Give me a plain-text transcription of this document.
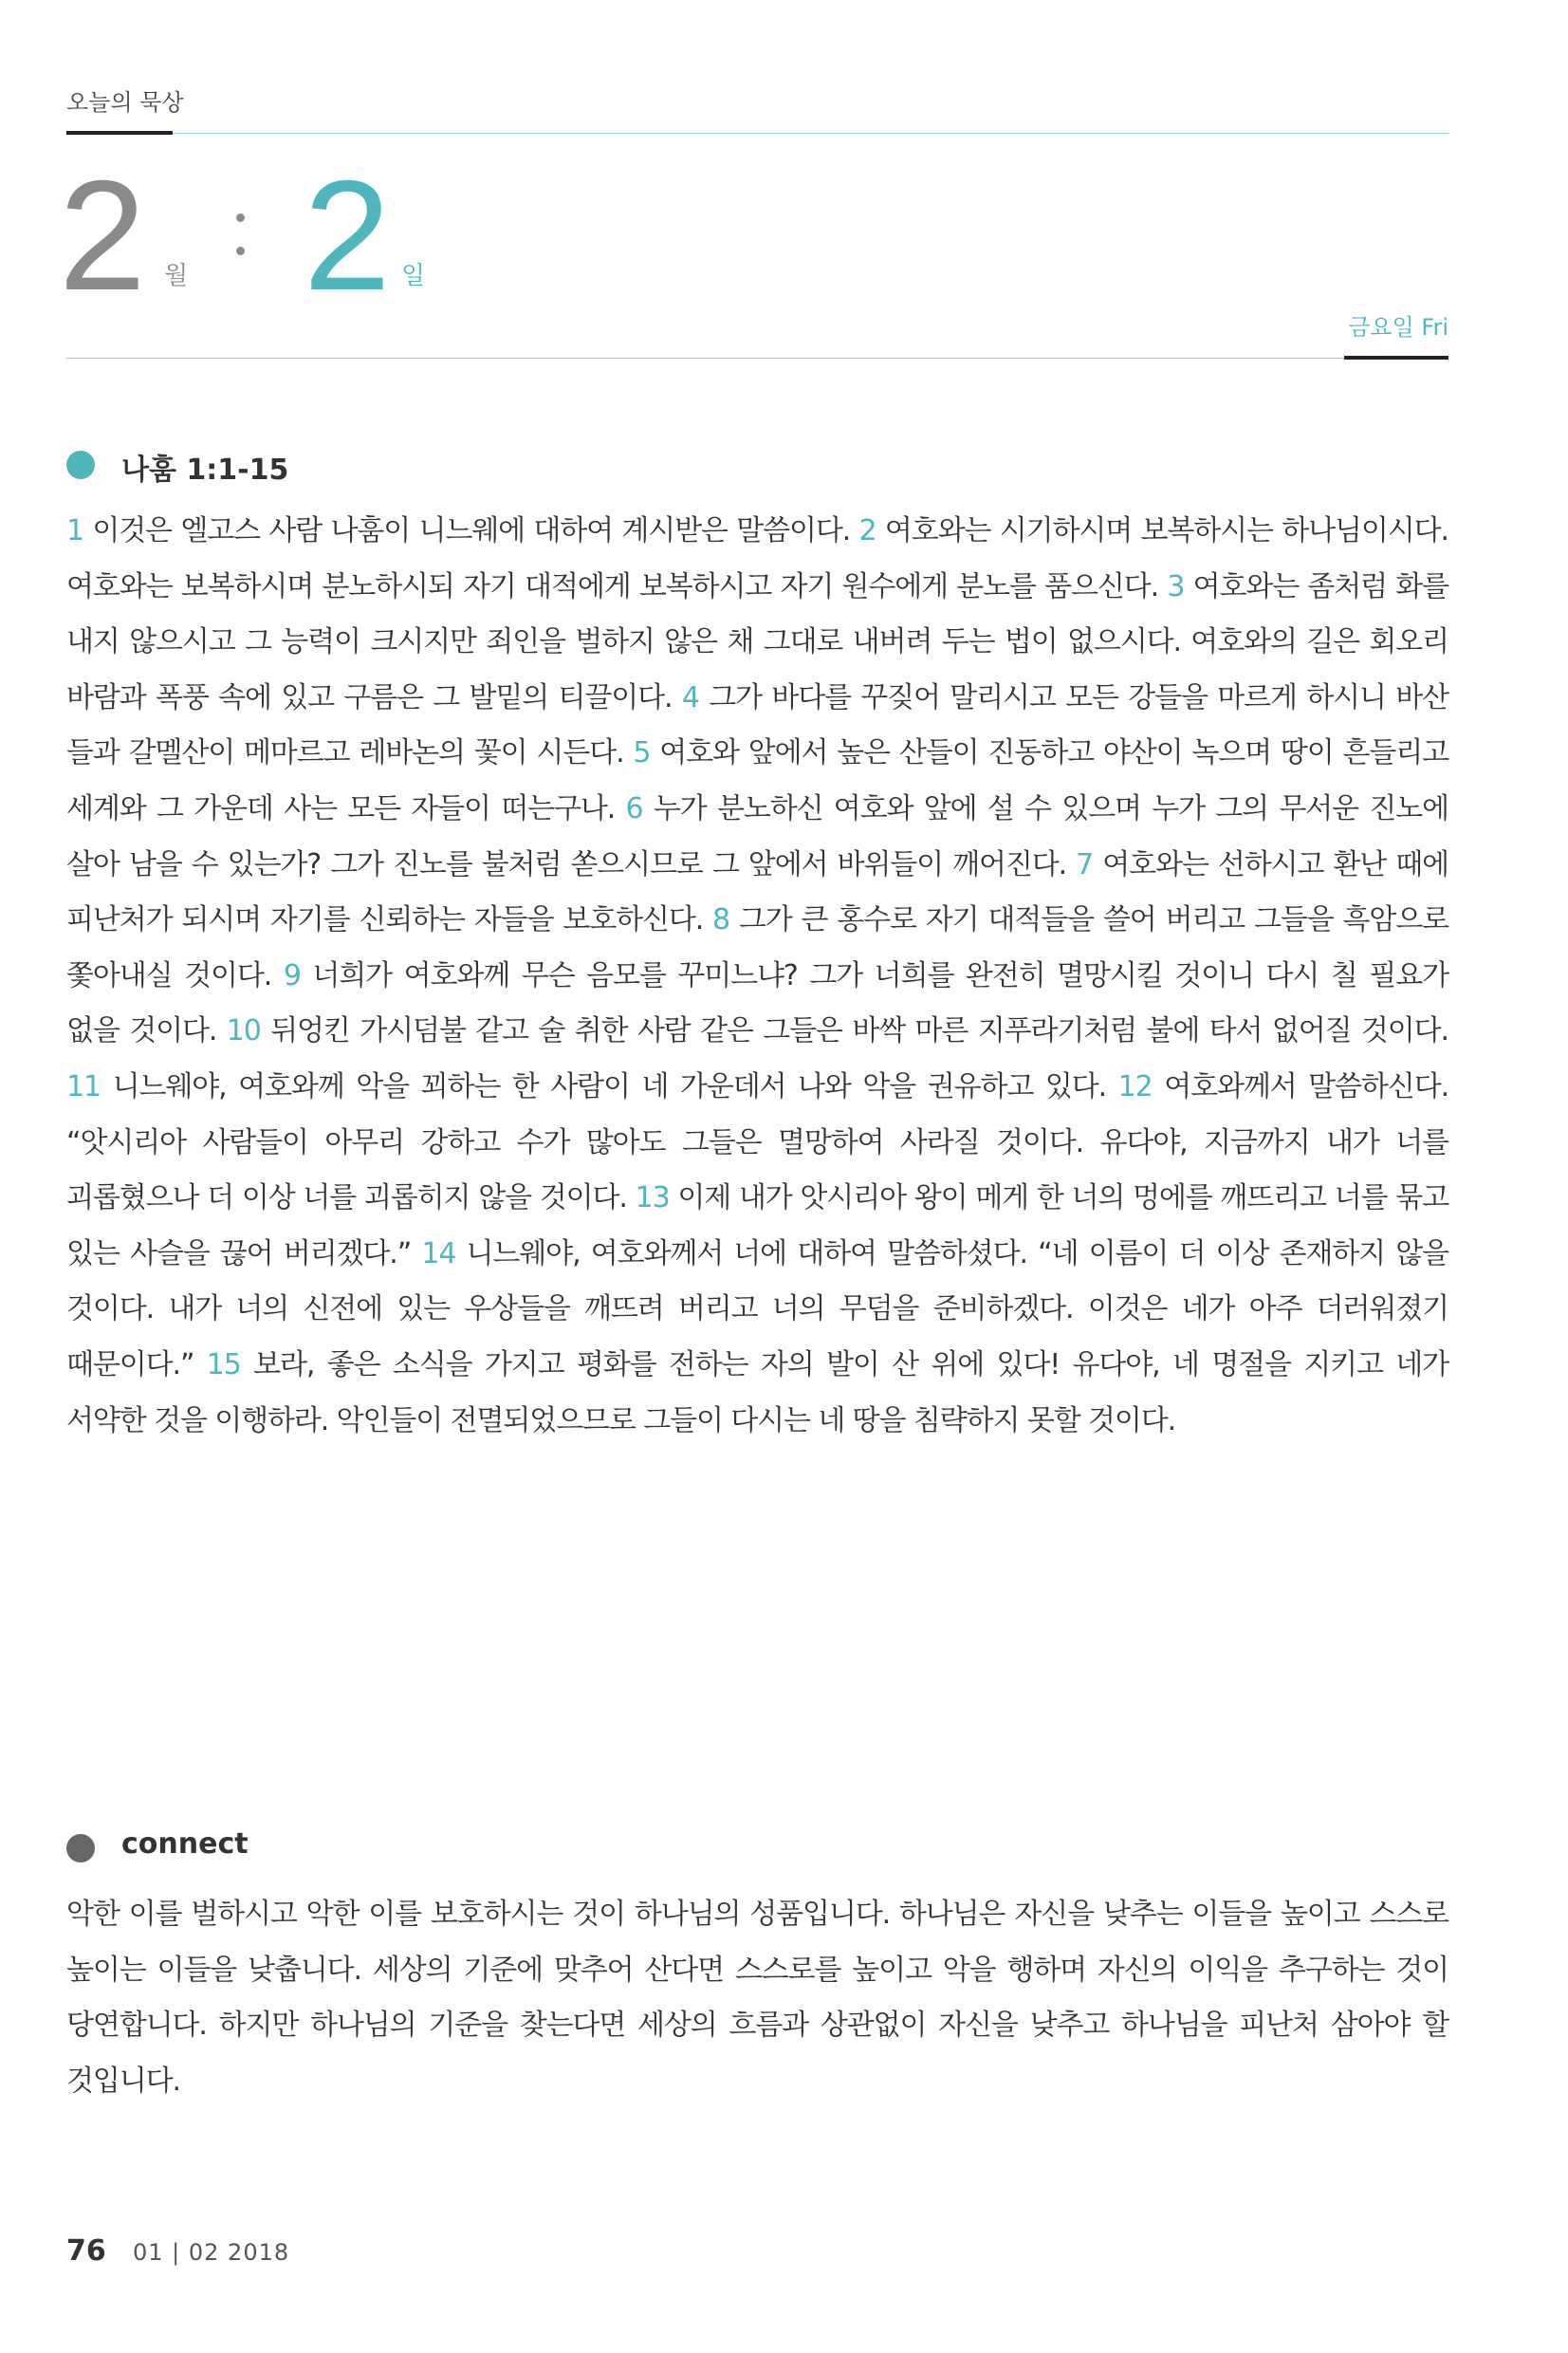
오늘의 묵상
2 월 2 일
금요일 Fri
나훔 1:1-15
1 이것은 엘고스 사람 나훔이 니느웨에 대하여 계시받은 말씀이다. 2 여호와는 시기하시며 보복하시는 하나님이시다. 여호와는 보복하시며 분노하시되 자기 대적에게 보복하시고 자기 원수에게 분노를 품으신다. 3 여호와는 좀처럼 화를 내지 않으시고 그 능력이 크시지만 죄인을 벌하지 않은 채 그대로 내버려 두는 법이 없으시다. 여호와의 길은 회오리 바람과 폭풍 속에 있고 구름은 그 발밑의 티끌이다. 4 그가 바다를 꾸짖어 말리시고 모든 강들을 마르게 하시니 바산 들과 갈멜산이 메마르고 레바논의 꽃이 시든다. 5 여호와 앞에서 높은 산들이 진동하고 야산이 녹으며 땅이 흔들리고 세계와 그 가운데 사는 모든 자들이 떠는구나. 6 누가 분노하신 여호와 앞에 설 수 있으며 누가 그의 무서운 진노에 살아 남을 수 있는가? 그가 진노를 불처럼 쏟으시므로 그 앞에서 바위들이 깨어진다. 7 여호와는 선하시고 환난 때에 피난처가 되시며 자기를 신뢰하는 자들을 보호하신다. 8 그가 큰 홍수로 자기 대적들을 쓸어 버리고 그들을 흑암으로 쫓아내실 것이다. 9 너희가 여호와께 무슨 음모를 꾸미느냐? 그가 너희를 완전히 멸망시킬 것이니 다시 칠 필요가 없을 것이다. 10 뒤엉킨 가시덤불 같고 술 취한 사람 같은 그들은 바싹 마른 지푸라기처럼 불에 타서 없어질 것이다. 11 니느웨야, 여호와께 악을 꾀하는 한 사람이 네 가운데서 나와 악을 권유하고 있다. 12 여호와께서 말씀하신다. “앗시리아 사람들이 아무리 강하고 수가 많아도 그들은 멸망하여 사라질 것이다. 유다야, 지금까지 내가 너를 괴롭혔으나 더 이상 너를 괴롭히지 않을 것이다. 13 이제 내가 앗시리아 왕이 메게 한 너의 멍에를 깨뜨리고 너를 묶고 있는 사슬을 끊어 버리겠다.” 14 니느웨야, 여호와께서 너에 대하여 말씀하셨다. “네 이름이 더 이상 존재하지 않을 것이다. 내가 너의 신전에 있는 우상들을 깨뜨려 버리고 너의 무덤을 준비하겠다. 이것은 네가 아주 더러워졌기 때문이다.” 15 보라, 좋은 소식을 가지고 평화를 전하는 자의 발이 산 위에 있다! 유다야, 네 명절을 지키고 네가 서약한 것을 이행하라. 악인들이 전멸되었으므로 그들이 다시는 네 땅을 침략하지 못할 것이다.
connect
악한 이를 벌하시고 악한 이를 보호하시는 것이 하나님의 성품입니다. 하나님은 자신을 낮추는 이들을 높이고 스스로 높이는 이들을 낮춥니다. 세상의 기준에 맞추어 산다면 스스로를 높이고 악을 행하며 자신의 이익을 추구하는 것이 당연합니다. 하지만 하나님의 기준을 찾는다면 세상의 흐름과 상관없이 자신을 낮추고 하나님을 피난처 삼아야 할 것입니다.
76 01 | 02 2018
